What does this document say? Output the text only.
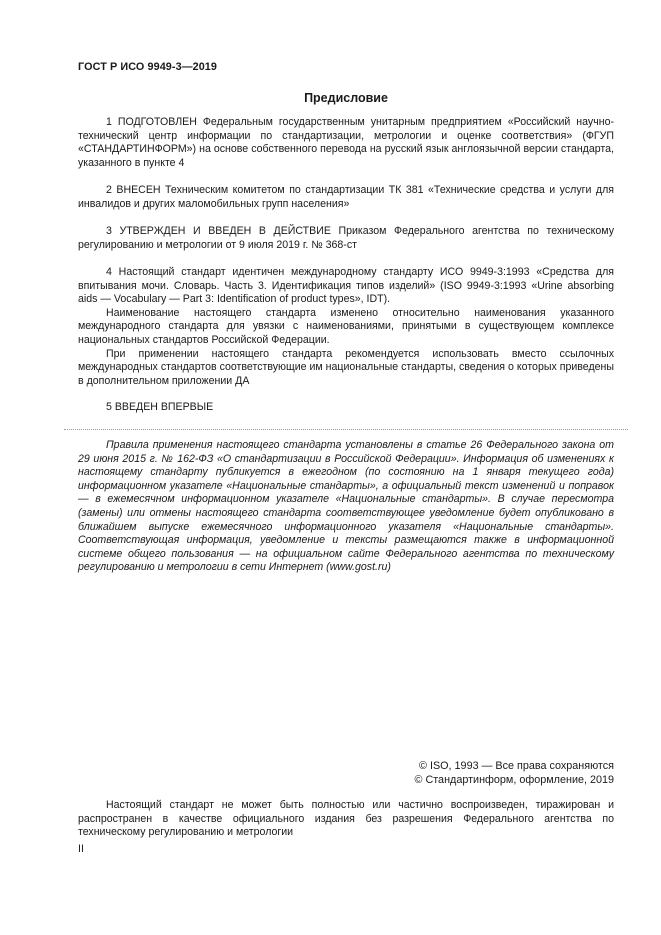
ГОСТ Р ИСО 9949-3—2019
Предисловие

1 ПОДГОТОВЛЕН Федеральным государственным унитарным предприятием «Российский научно-технический центр информации по стандартизации, метрологии и оценке соответствия» (ФГУП «СТАНДАРТИНФОРМ») на основе собственного перевода на русский язык англоязычной версии стандарта, указанного в пункте 4

2 ВНЕСЕН Техническим комитетом по стандартизации ТК 381 «Технические средства и услуги для инвалидов и других маломобильных групп населения»

3 УТВЕРЖДЕН И ВВЕДЕН В ДЕЙСТВИЕ Приказом Федерального агентства по техническому регулированию и метрологии от 9 июля 2019 г. № 368-ст

4 Настоящий стандарт идентичен международному стандарту ИСО 9949-3:1993 «Средства для впитывания мочи. Словарь. Часть 3. Идентификация типов изделий» (ISO 9949-3:1993 «Urine absorbing aids — Vocabulary — Part 3: Identification of product types», IDT).

Наименование настоящего стандарта изменено относительно наименования указанного международного стандарта для увязки с наименованиями, принятыми в существующем комплексе национальных стандартов Российской Федерации.

При применении настоящего стандарта рекомендуется использовать вместо ссылочных международных стандартов соответствующие им национальные стандарты, сведения о которых приведены в дополнительном приложении ДА

5 ВВЕДЕН ВПЕРВЫЕ

Правила применения настоящего стандарта установлены в статье 26 Федерального закона от 29 июня 2015 г. № 162-ФЗ «О стандартизации в Российской Федерации». Информация об изменениях к настоящему стандарту публикуется в ежегодном (по состоянию на 1 января текущего года) информационном указателе «Национальные стандарты», а официальный текст изменений и поправок — в ежемесячном информационном указателе «Национальные стандарты». В случае пересмотра (замены) или отмены настоящего стандарта соответствующее уведомление будет опубликовано в ближайшем выпуске ежемесячного информационного указателя «Национальные стандарты». Соответствующая информация, уведомление и тексты размещаются также в информационной системе общего пользования — на официальном сайте Федерального агентства по техническому регулированию и метрологии в сети Интернет (www.gost.ru)
© ISO, 1993 — Все права сохраняются
© Стандартинформ, оформление, 2019
Настоящий стандарт не может быть полностью или частично воспроизведен, тиражирован и распространен в качестве официального издания без разрешения Федерального агентства по техническому регулированию и метрологии
II
